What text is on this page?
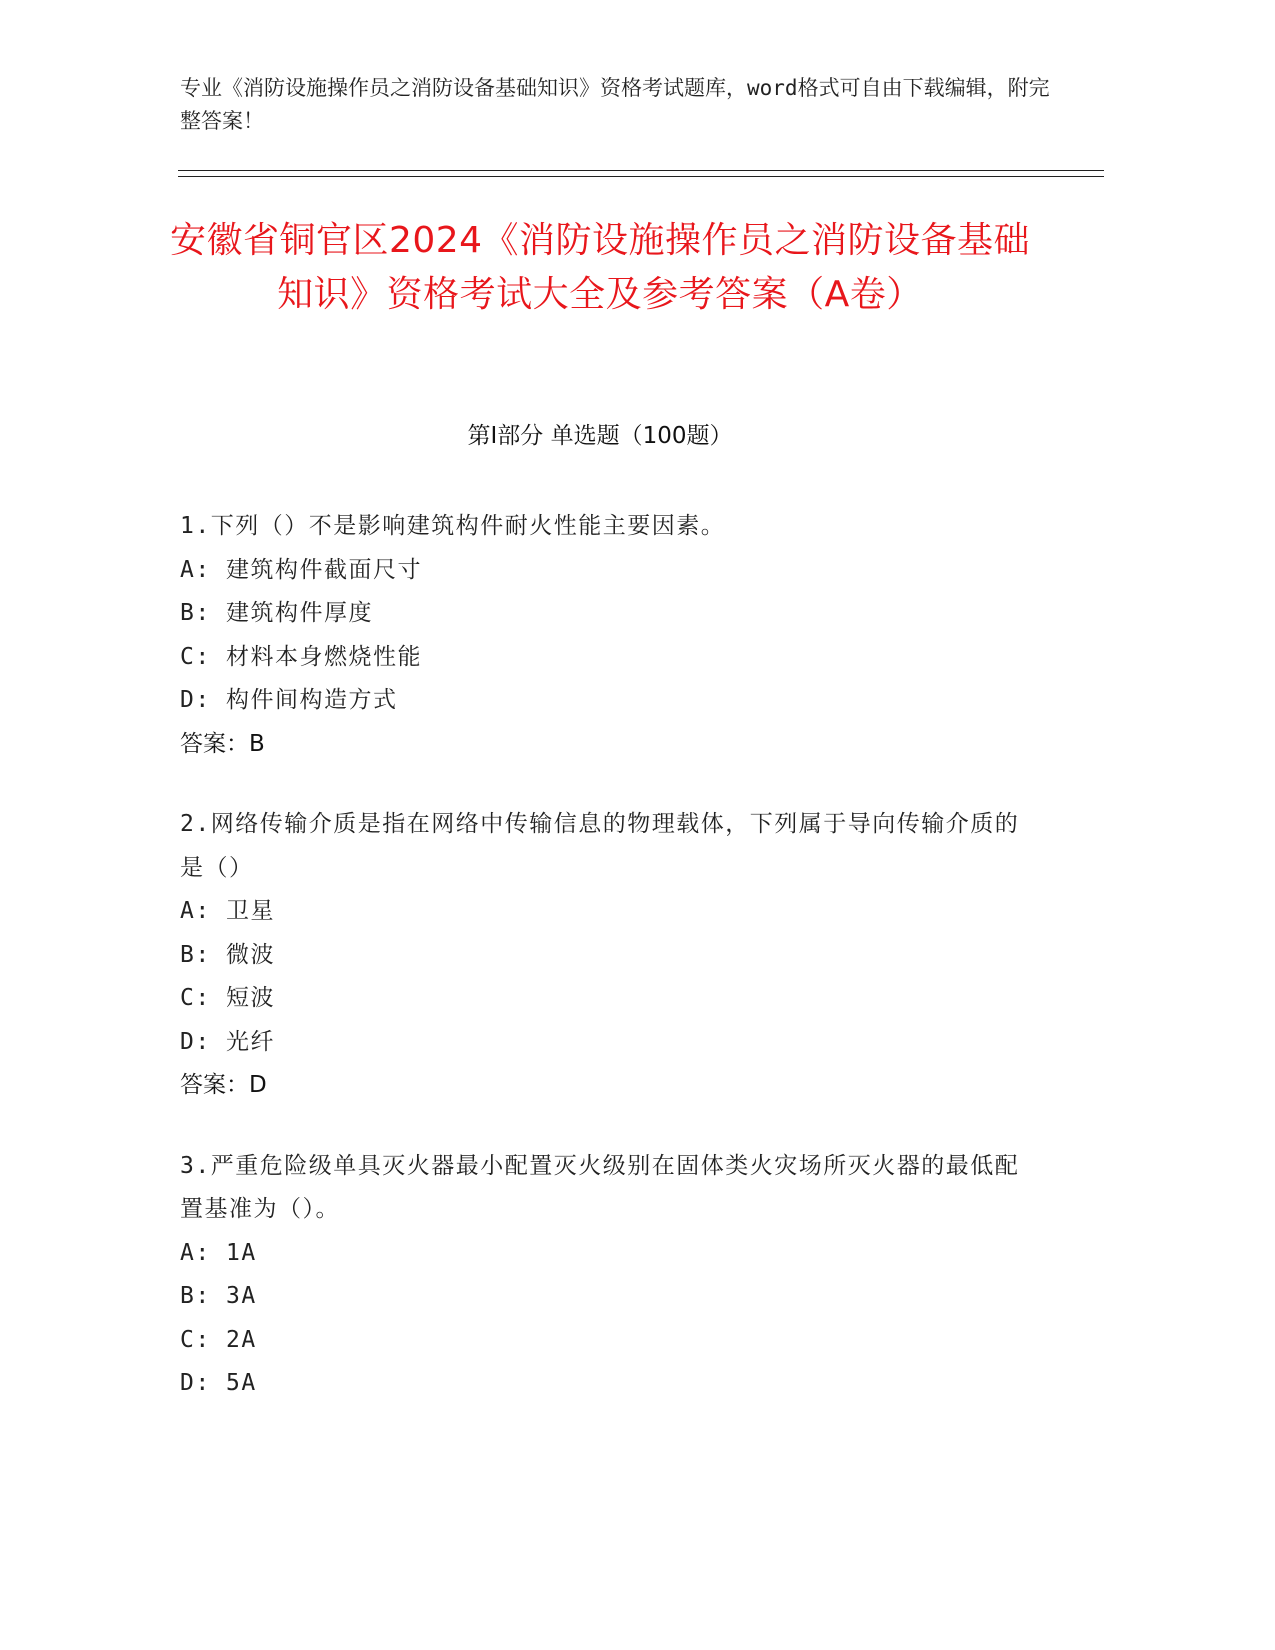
专业《消防设施操作员之消防设备基础知识》资格考试题库，word格式可自由下载编辑，附完整答案！
安徽省铜官区2024《消防设施操作员之消防设备基础知识》资格考试大全及参考答案（A卷）
第I部分 单选题（100题）
1.下列（）不是影响建筑构件耐火性能主要因素。
A: 建筑构件截面尺寸
B: 建筑构件厚度
C: 材料本身燃烧性能
D: 构件间构造方式
答案：B
2.网络传输介质是指在网络中传输信息的物理载体，下列属于导向传输介质的是（）
A: 卫星
B: 微波
C: 短波
D: 光纤
答案：D
3.严重危险级单具灭火器最小配置灭火级别在固体类火灾场所灭火器的最低配置基准为（）。
A: 1A
B: 3A
C: 2A
D: 5A
